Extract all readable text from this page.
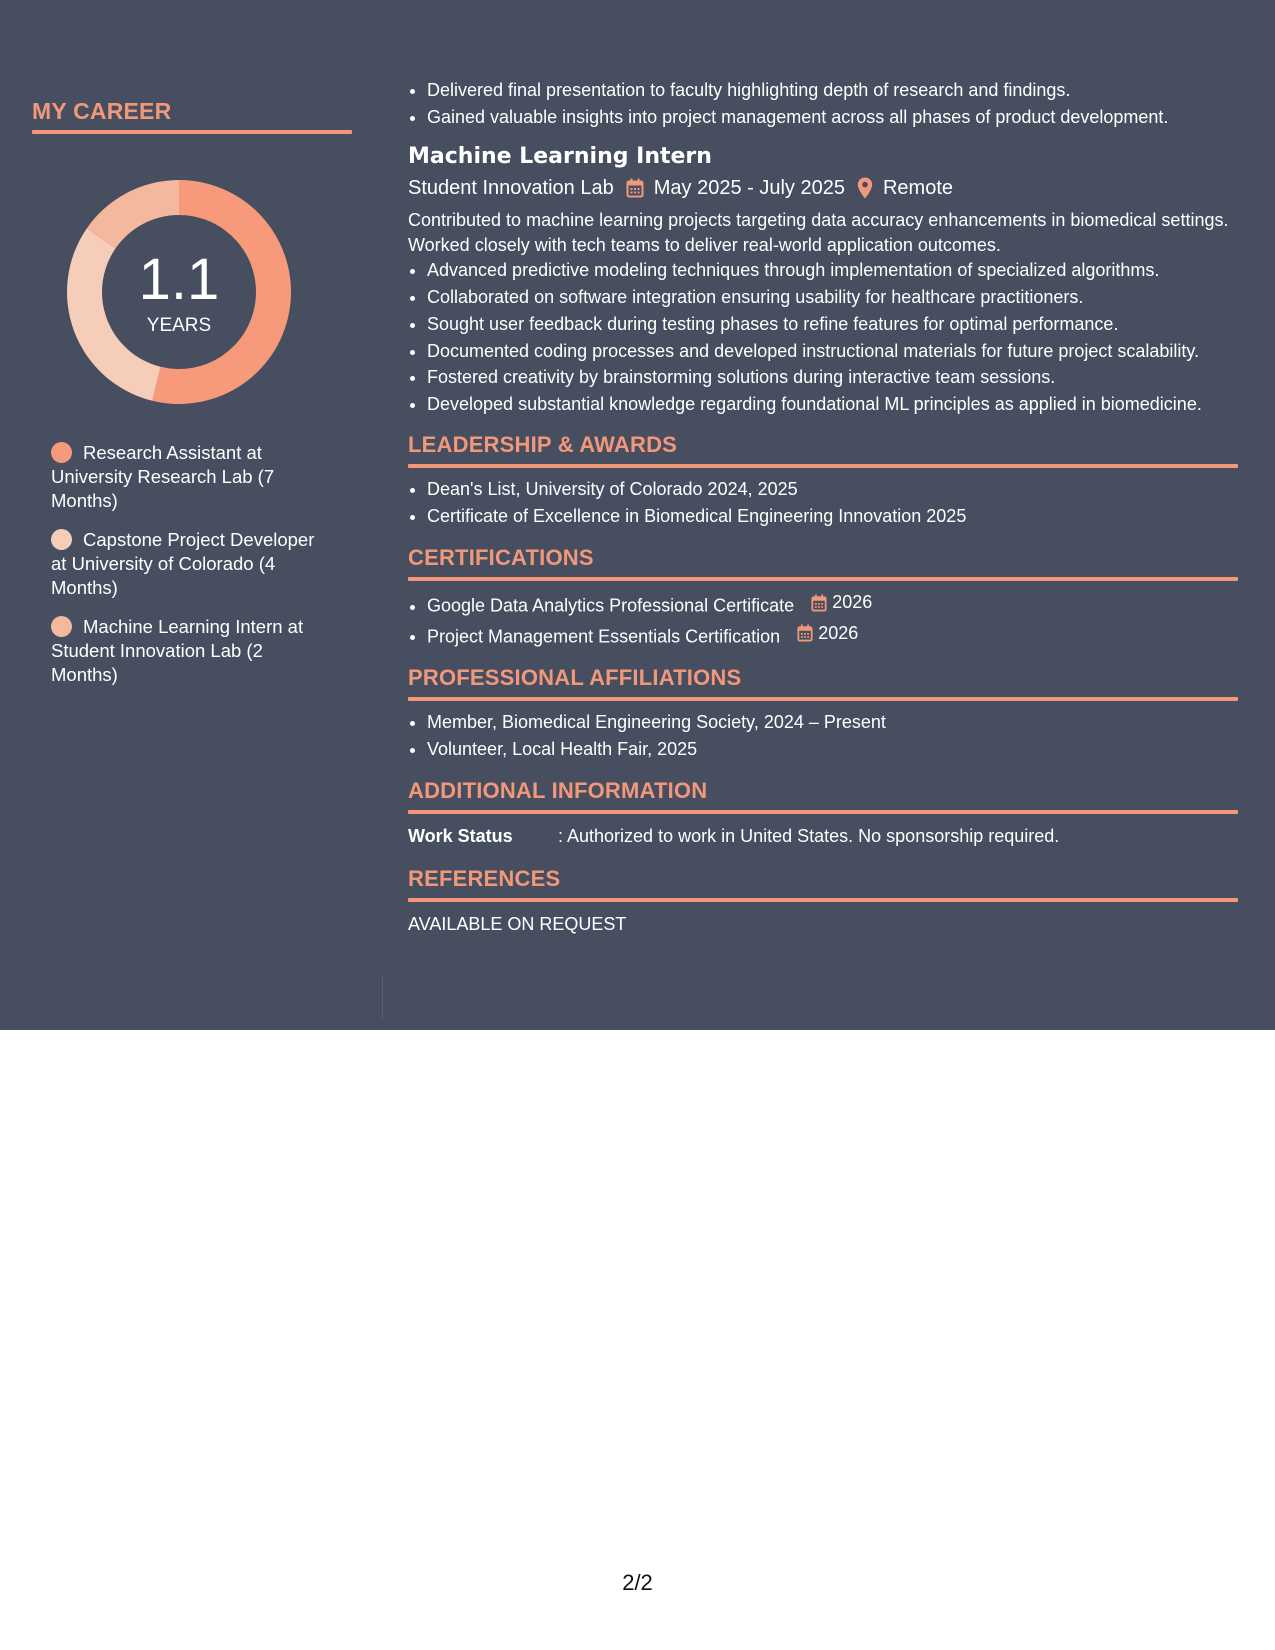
MY CAREER
1.1
YEARS
Research Assistant at University Research Lab (7 Months)
Capstone Project Developer at University of Colorado (4 Months)
Machine Learning Intern at Student Innovation Lab (2 Months)
• Delivered final presentation to faculty highlighting depth of research and findings.
• Gained valuable insights into project management across all phases of product development.
Machine Learning Intern
Student Innovation Lab May 2025 - July 2025 Remote
Contributed to machine learning projects targeting data accuracy enhancements in biomedical settings. Worked closely with tech teams to deliver real-world application outcomes.
• Advanced predictive modeling techniques through implementation of specialized algorithms.
• Collaborated on software integration ensuring usability for healthcare practitioners.
• Sought user feedback during testing phases to refine features for optimal performance.
• Documented coding processes and developed instructional materials for future project scalability.
• Fostered creativity by brainstorming solutions during interactive team sessions.
• Developed substantial knowledge regarding foundational ML principles as applied in biomedicine.
LEADERSHIP & AWARDS
• Dean's List, University of Colorado 2024, 2025
• Certificate of Excellence in Biomedical Engineering Innovation 2025
CERTIFICATIONS
• Google Data Analytics Professional Certificate 2026
• Project Management Essentials Certification 2026
PROFESSIONAL AFFILIATIONS
• Member, Biomedical Engineering Society, 2024 – Present
• Volunteer, Local Health Fair, 2025
ADDITIONAL INFORMATION
Work Status	: Authorized to work in United States. No sponsorship required.
REFERENCES
AVAILABLE ON REQUEST
2/2
